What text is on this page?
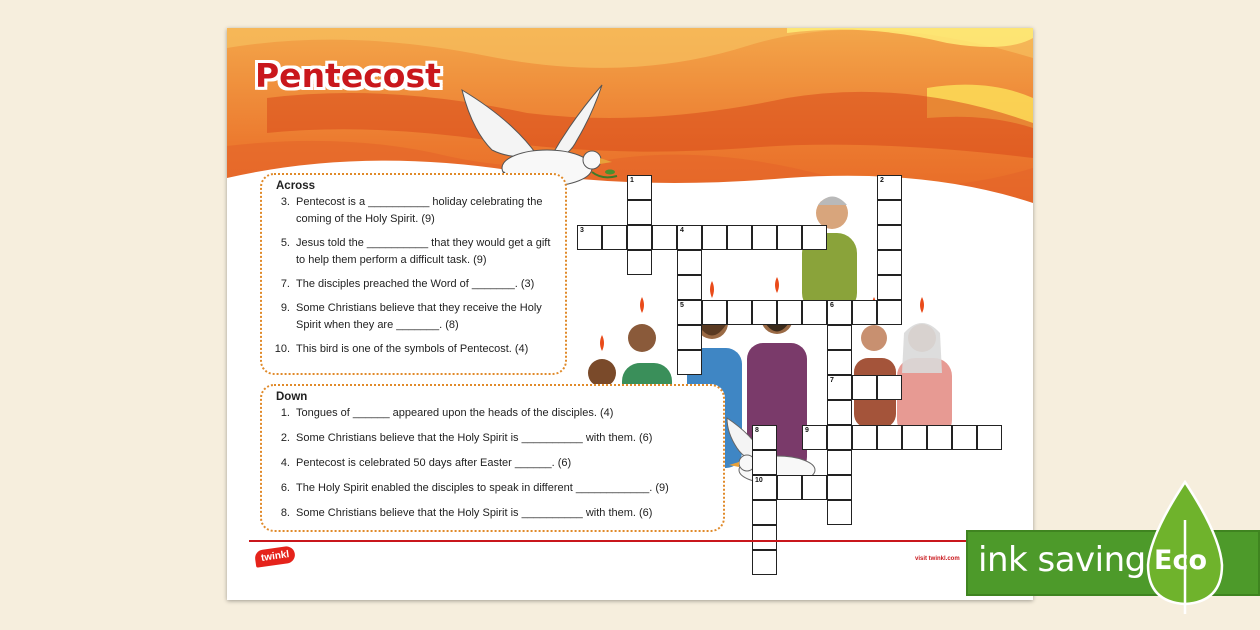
Pentecost
Across
3. Pentecost is a __________ holiday celebrating the coming of the Holy Spirit. (9)
5. Jesus told the __________ that they would get a gift to help them perform a difficult task. (9)
7. The disciples preached the Word of _______. (3)
9. Some Christians believe that they receive the Holy Spirit when they are _______. (8)
10. This bird is one of the symbols of Pentecost. (4)
Down
1. Tongues of ______ appeared upon the heads of the disciples. (4)
2. Some Christians believe that the Holy Spirit is __________ with them. (6)
4. Pentecost is celebrated 50 days after Easter ______. (6)
6. The Holy Spirit enabled the disciples to speak in different ____________. (9)
8. Some Christians believe that the Holy Spirit is __________ with them. (6)
1
3	4
2
5	6
7
9
8
10
twinkl	visit twinkl.com ink saving Eco
